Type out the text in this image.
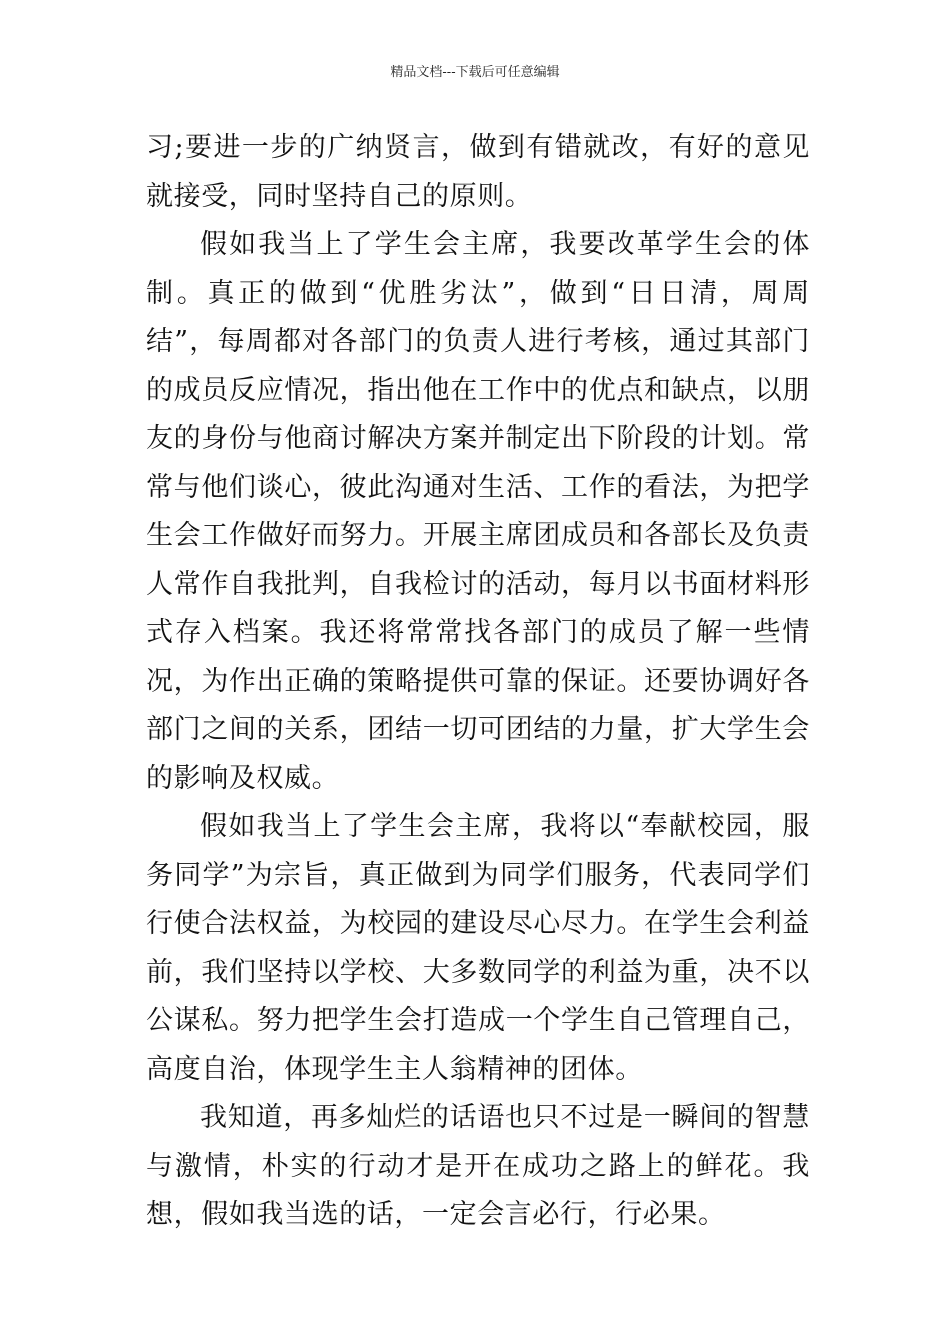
精品文档---下载后可任意编辑

习;要进一步的广纳贤言，做到有错就改，有好的意见就接受，同时坚持自己的原则。

假如我当上了学生会主席，我要改革学生会的体制。真正的做到“优胜劣汰”，做到“日日清，周周结”，每周都对各部门的负责人进行考核，通过其部门的成员反应情况，指出他在工作中的优点和缺点，以朋友的身份与他商讨解决方案并制定出下阶段的计划。常常与他们谈心，彼此沟通对生活、工作的看法，为把学生会工作做好而努力。开展主席团成员和各部长及负责人常作自我批判，自我检讨的活动，每月以书面材料形式存入档案。我还将常常找各部门的成员了解一些情况，为作出正确的策略提供可靠的保证。还要协调好各部门之间的关系，团结一切可团结的力量，扩大学生会的影响及权威。

假如我当上了学生会主席，我将以“奉献校园，服务同学”为宗旨，真正做到为同学们服务，代表同学们行使合法权益，为校园的建设尽心尽力。在学生会利益前，我们坚持以学校、大多数同学的利益为重，决不以公谋私。努力把学生会打造成一个学生自己管理自己，高度自治，体现学生主人翁精神的团体。

我知道，再多灿烂的话语也只不过是一瞬间的智慧与激情，朴实的行动才是开在成功之路上的鲜花。我想，假如我当选的话，一定会言必行，行必果。
